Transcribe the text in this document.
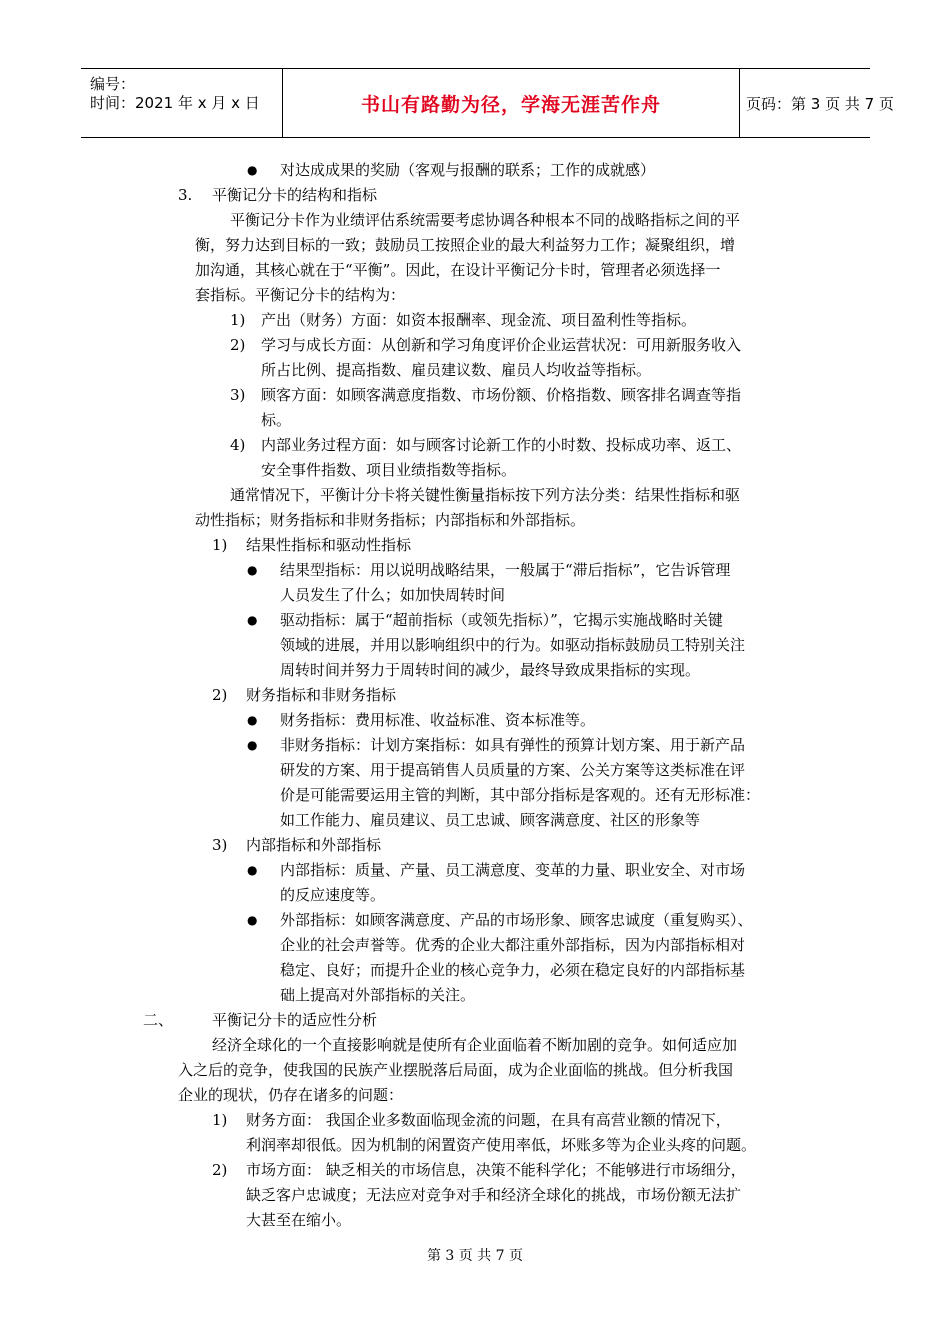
编号：
时间：2021 年 x 月 x 日	书山有路勤为径，学海无涯苦作舟	页码：第 3 页 共 7 页
● 对达成成果的奖励（客观与报酬的联系；工作的成就感）
3. 平衡记分卡的结构和指标
平衡记分卡作为业绩评估系统需要考虑协调各种根本不同的战略指标之间的平
衡，努力达到目标的一致；鼓励员工按照企业的最大利益努力工作；凝聚组织，增
加沟通，其核心就在于“平衡”。因此，在设计平衡记分卡时，管理者必须选择一
套指标。平衡记分卡的结构为：
1) 产出（财务）方面：如资本报酬率、现金流、项目盈利性等指标。
2) 学习与成长方面：从创新和学习角度评价企业运营状况：可用新服务收入
所占比例、提高指数、雇员建议数、雇员人均收益等指标。
3) 顾客方面：如顾客满意度指数、市场份额、价格指数、顾客排名调查等指
标。
4) 内部业务过程方面：如与顾客讨论新工作的小时数、投标成功率、返工、
安全事件指数、项目业绩指数等指标。
通常情况下，平衡计分卡将关键性衡量指标按下列方法分类：结果性指标和驱
动性指标；财务指标和非财务指标；内部指标和外部指标。
1) 结果性指标和驱动性指标
● 结果型指标：用以说明战略结果，一般属于“滞后指标”，它告诉管理
人员发生了什么；如加快周转时间
● 驱动指标：属于“超前指标（或领先指标）”，它揭示实施战略时关键
领域的进展，并用以影响组织中的行为。如驱动指标鼓励员工特别关注
周转时间并努力于周转时间的减少，最终导致成果指标的实现。
2) 财务指标和非财务指标
● 财务指标：费用标准、收益标准、资本标准等。
● 非财务指标：计划方案指标：如具有弹性的预算计划方案、用于新产品
研发的方案、用于提高销售人员质量的方案、公关方案等这类标准在评
价是可能需要运用主管的判断，其中部分指标是客观的。还有无形标准：
如工作能力、雇员建议、员工忠诚、顾客满意度、社区的形象等
3) 内部指标和外部指标
● 内部指标：质量、产量、员工满意度、变革的力量、职业安全、对市场
的反应速度等。
● 外部指标：如顾客满意度、产品的市场形象、顾客忠诚度（重复购买）、
企业的社会声誉等。优秀的企业大都注重外部指标，因为内部指标相对
稳定、良好；而提升企业的核心竞争力，必须在稳定良好的内部指标基
础上提高对外部指标的关注。
二、	平衡记分卡的适应性分析
经济全球化的一个直接影响就是使所有企业面临着不断加剧的竞争。如何适应加
入之后的竞争，使我国的民族产业摆脱落后局面，成为企业面临的挑战。但分析我国
企业的现状，仍存在诸多的问题：
1) 财务方面： 我国企业多数面临现金流的问题，在具有高营业额的情况下，
利润率却很低。因为机制的闲置资产使用率低，坏账多等为企业头疼的问题。
2) 市场方面： 缺乏相关的市场信息，决策不能科学化；不能够进行市场细分，
缺乏客户忠诚度；无法应对竞争对手和经济全球化的挑战，市场份额无法扩
大甚至在缩小。
第 3 页 共 7 页
